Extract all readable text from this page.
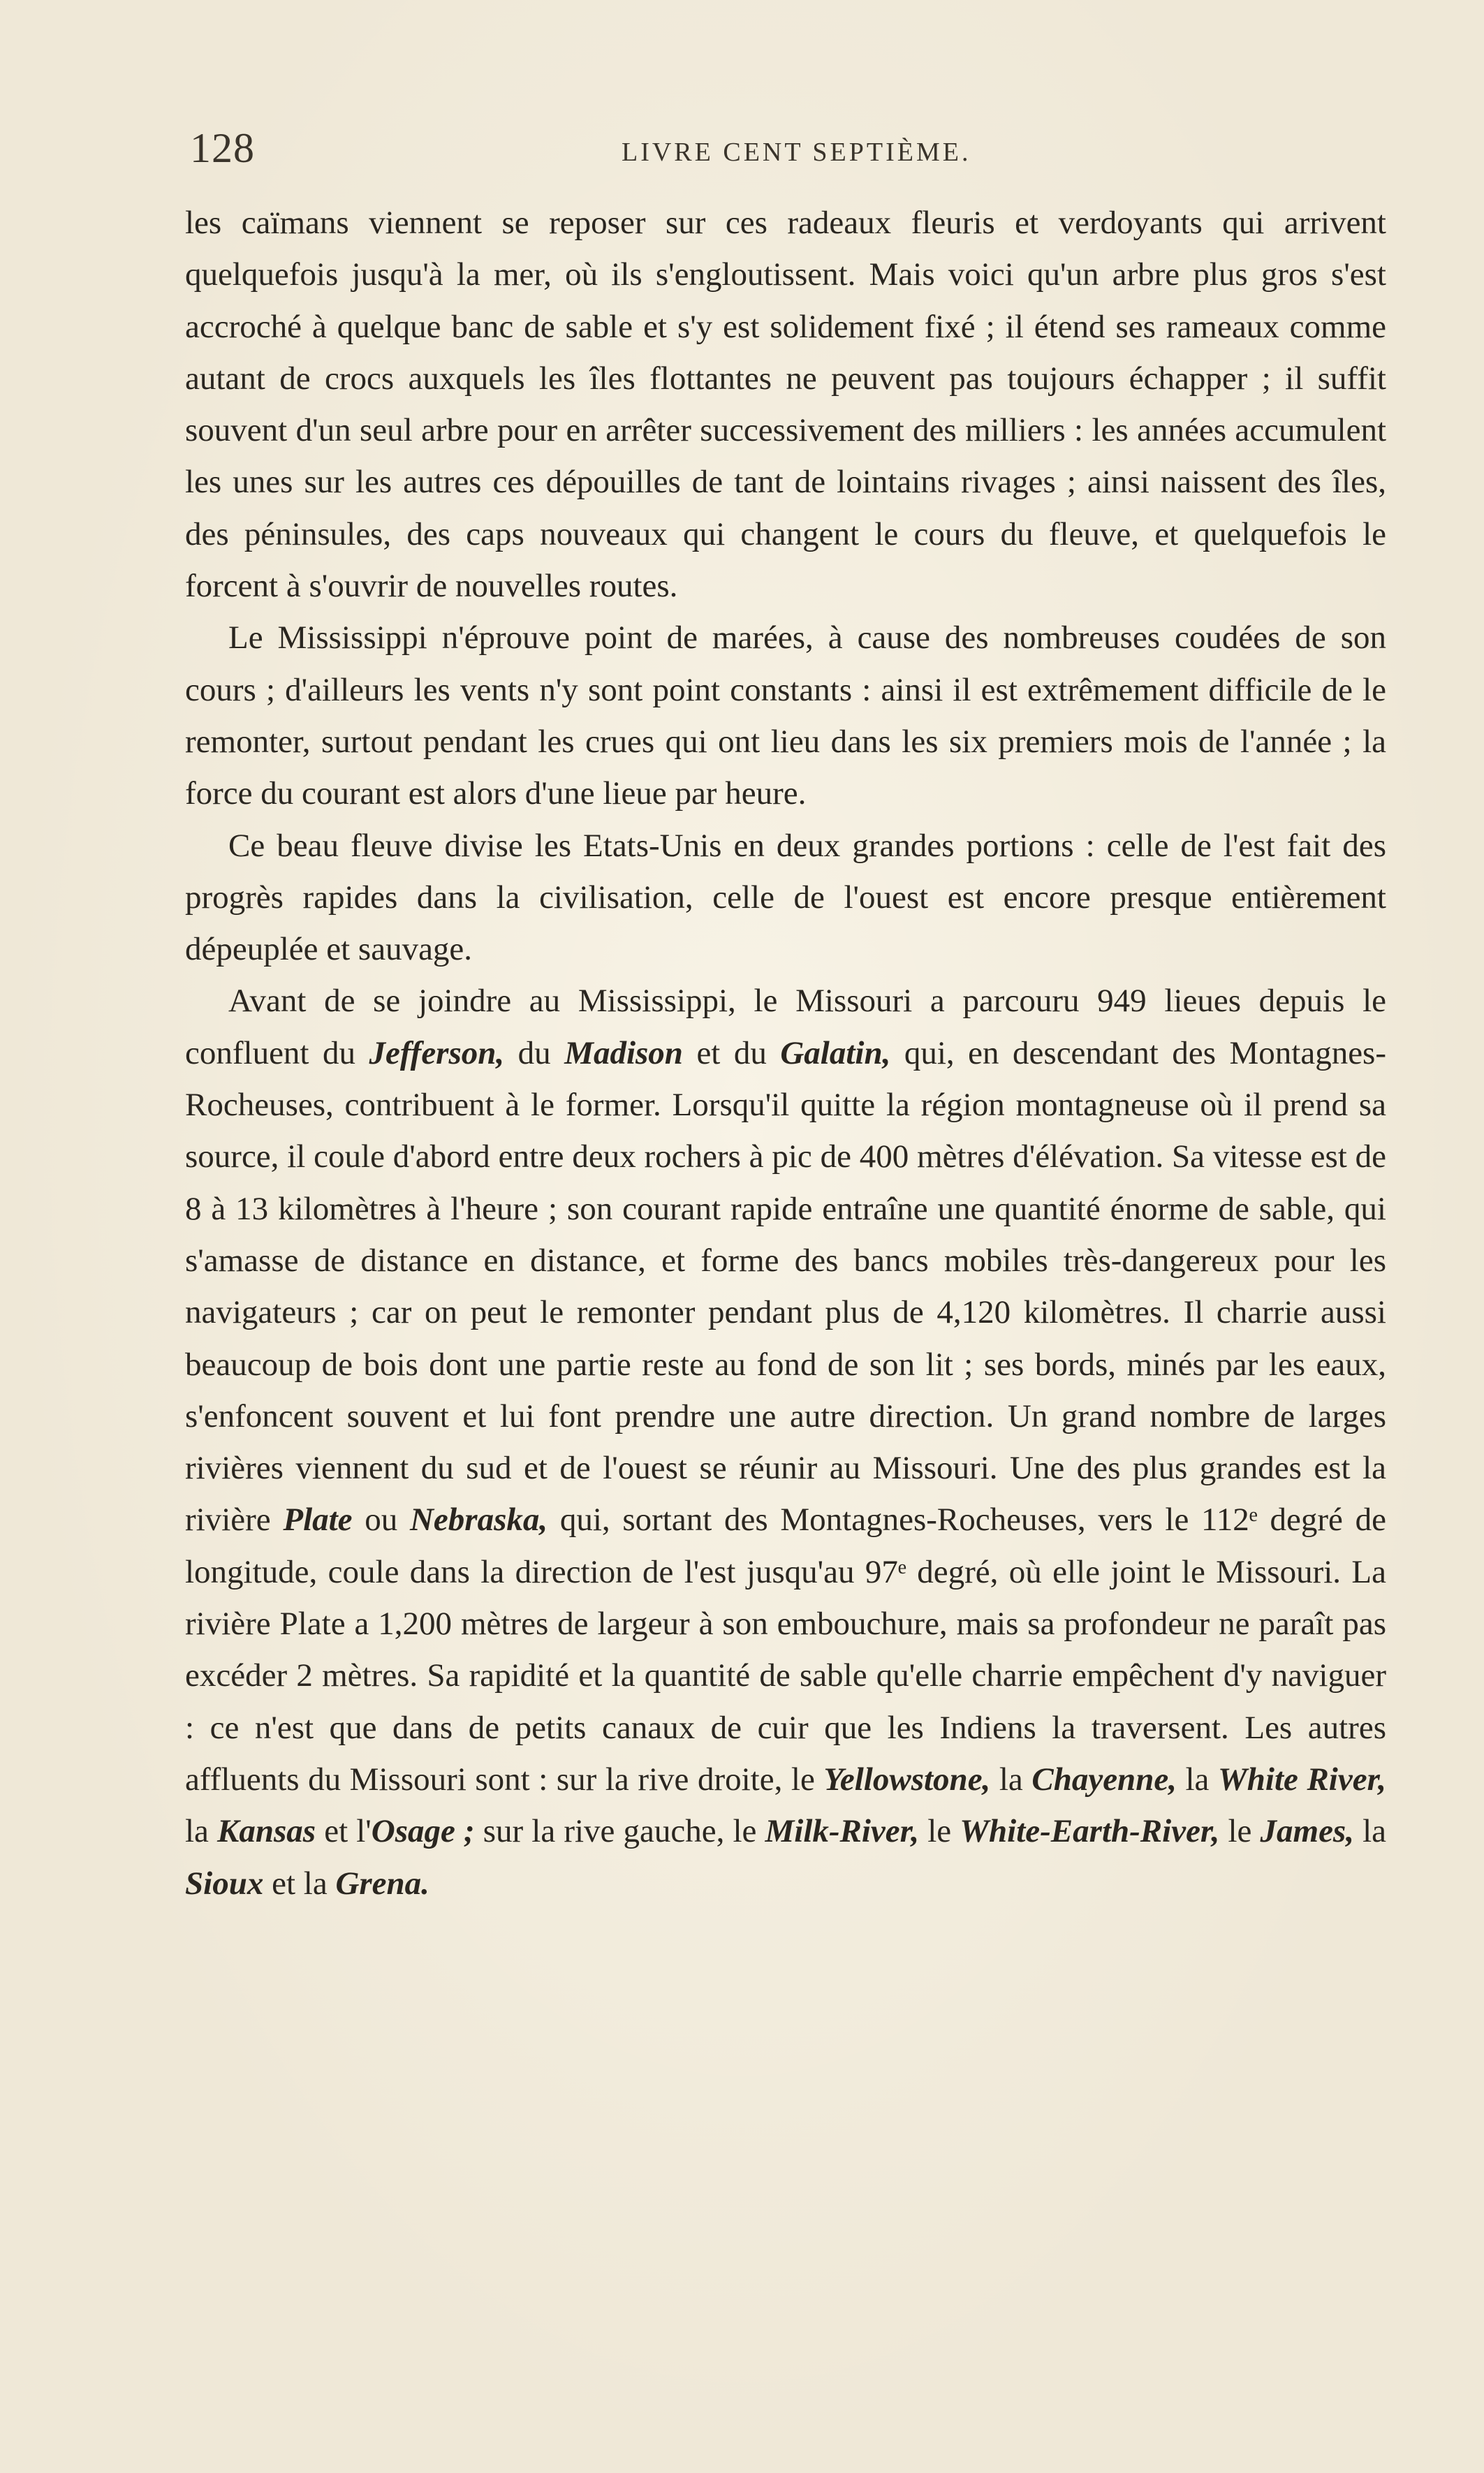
128	LIVRE CENT SEPTIÈME.

les caïmans viennent se reposer sur ces radeaux fleuris et verdoyants qui arrivent quelquefois jusqu'à la mer, où ils s'engloutissent. Mais voici qu'un arbre plus gros s'est accroché à quelque banc de sable et s'y est solidement fixé ; il étend ses rameaux comme autant de crocs auxquels les îles flottantes ne peuvent pas toujours échapper ; il suffit souvent d'un seul arbre pour en arrêter successivement des milliers : les années accumulent les unes sur les autres ces dépouilles de tant de lointains rivages ; ainsi naissent des îles, des péninsules, des caps nouveaux qui changent le cours du fleuve, et quelquefois le forcent à s'ouvrir de nouvelles routes.

Le Mississippi n'éprouve point de marées, à cause des nombreuses coudées de son cours ; d'ailleurs les vents n'y sont point constants : ainsi il est extrêmement difficile de le remonter, surtout pendant les crues qui ont lieu dans les six premiers mois de l'année ; la force du courant est alors d'une lieue par heure.

Ce beau fleuve divise les Etats-Unis en deux grandes portions : celle de l'est fait des progrès rapides dans la civilisation, celle de l'ouest est encore presque entièrement dépeuplée et sauvage.

Avant de se joindre au Mississippi, le Missouri a parcouru 949 lieues depuis le confluent du Jefferson, du Madison et du Galatin, qui, en descendant des Montagnes-Rocheuses, contribuent à le former. Lorsqu'il quitte la région montagneuse où il prend sa source, il coule d'abord entre deux rochers à pic de 400 mètres d'élévation. Sa vitesse est de 8 à 13 kilomètres à l'heure ; son courant rapide entraîne une quantité énorme de sable, qui s'amasse de distance en distance, et forme des bancs mobiles très-dangereux pour les navigateurs ; car on peut le remonter pendant plus de 4,120 kilomètres. Il charrie aussi beaucoup de bois dont une partie reste au fond de son lit ; ses bords, minés par les eaux, s'enfoncent souvent et lui font prendre une autre direction. Un grand nombre de larges rivières viennent du sud et de l'ouest se réunir au Missouri. Une des plus grandes est la rivière Plate ou Nebraska, qui, sortant des Montagnes-Rocheuses, vers le 112ᵉ degré de longitude, coule dans la direction de l'est jusqu'au 97ᵉ degré, où elle joint le Missouri. La rivière Plate a 1,200 mètres de largeur à son embouchure, mais sa profondeur ne paraît pas excéder 2 mètres. Sa rapidité et la quantité de sable qu'elle charrie empêchent d'y naviguer : ce n'est que dans de petits canaux de cuir que les Indiens la traversent. Les autres affluents du Missouri sont : sur la rive droite, le Yellowstone, la Chayenne, la White River, la Kansas et l'Osage ; sur la rive gauche, le Milk-River, le White-Earth-River, le James, la Sioux et la Grena.
